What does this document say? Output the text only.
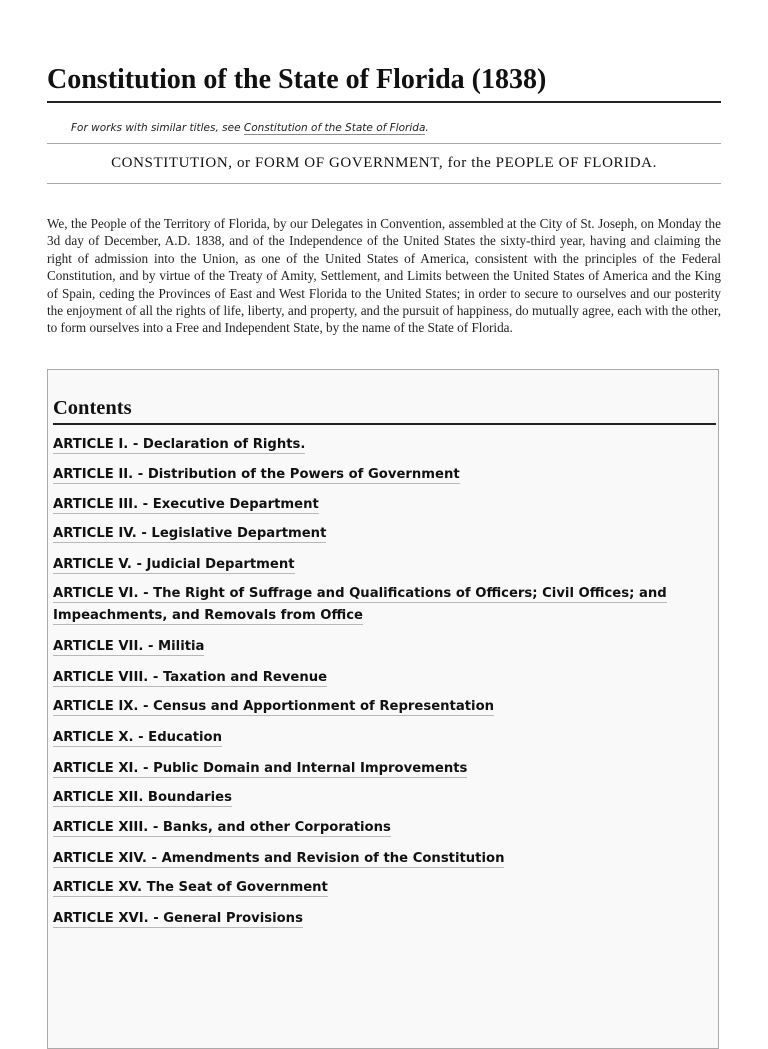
Constitution of the State of Florida (1838)
For works with similar titles, see Constitution of the State of Florida.
CONSTITUTION, or FORM OF GOVERNMENT, for the PEOPLE OF FLORIDA.

We, the People of the Territory of Florida, by our Delegates in Convention, assembled at the City of St. Joseph, on Monday the 3d day of December, A.D. 1838, and of the Independence of the United States the sixty-third year, having and claiming the right of admission into the Union, as one of the United States of America, consistent with the principles of the Federal Constitution, and by virtue of the Treaty of Amity, Settlement, and Limits between the United States of America and the King of Spain, ceding the Provinces of East and West Florida to the United States; in order to secure to ourselves and our posterity the enjoyment of all the rights of life, liberty, and property, and the pursuit of happiness, do mutually agree, each with the other, to form ourselves into a Free and Independent State, by the name of the State of Florida.

Contents
ARTICLE I. - Declaration of Rights.
ARTICLE II. - Distribution of the Powers of Government
ARTICLE III. - Executive Department
ARTICLE IV. - Legislative Department
ARTICLE V. - Judicial Department
ARTICLE VI. - The Right of Suffrage and Qualifications of Officers; Civil Offices; and Impeachments, and Removals from Office
ARTICLE VII. - Militia
ARTICLE VIII. - Taxation and Revenue
ARTICLE IX. - Census and Apportionment of Representation
ARTICLE X. - Education
ARTICLE XI. - Public Domain and Internal Improvements
ARTICLE XII. Boundaries
ARTICLE XIII. - Banks, and other Corporations
ARTICLE XIV. - Amendments and Revision of the Constitution
ARTICLE XV. The Seat of Government
ARTICLE XVI. - General Provisions
